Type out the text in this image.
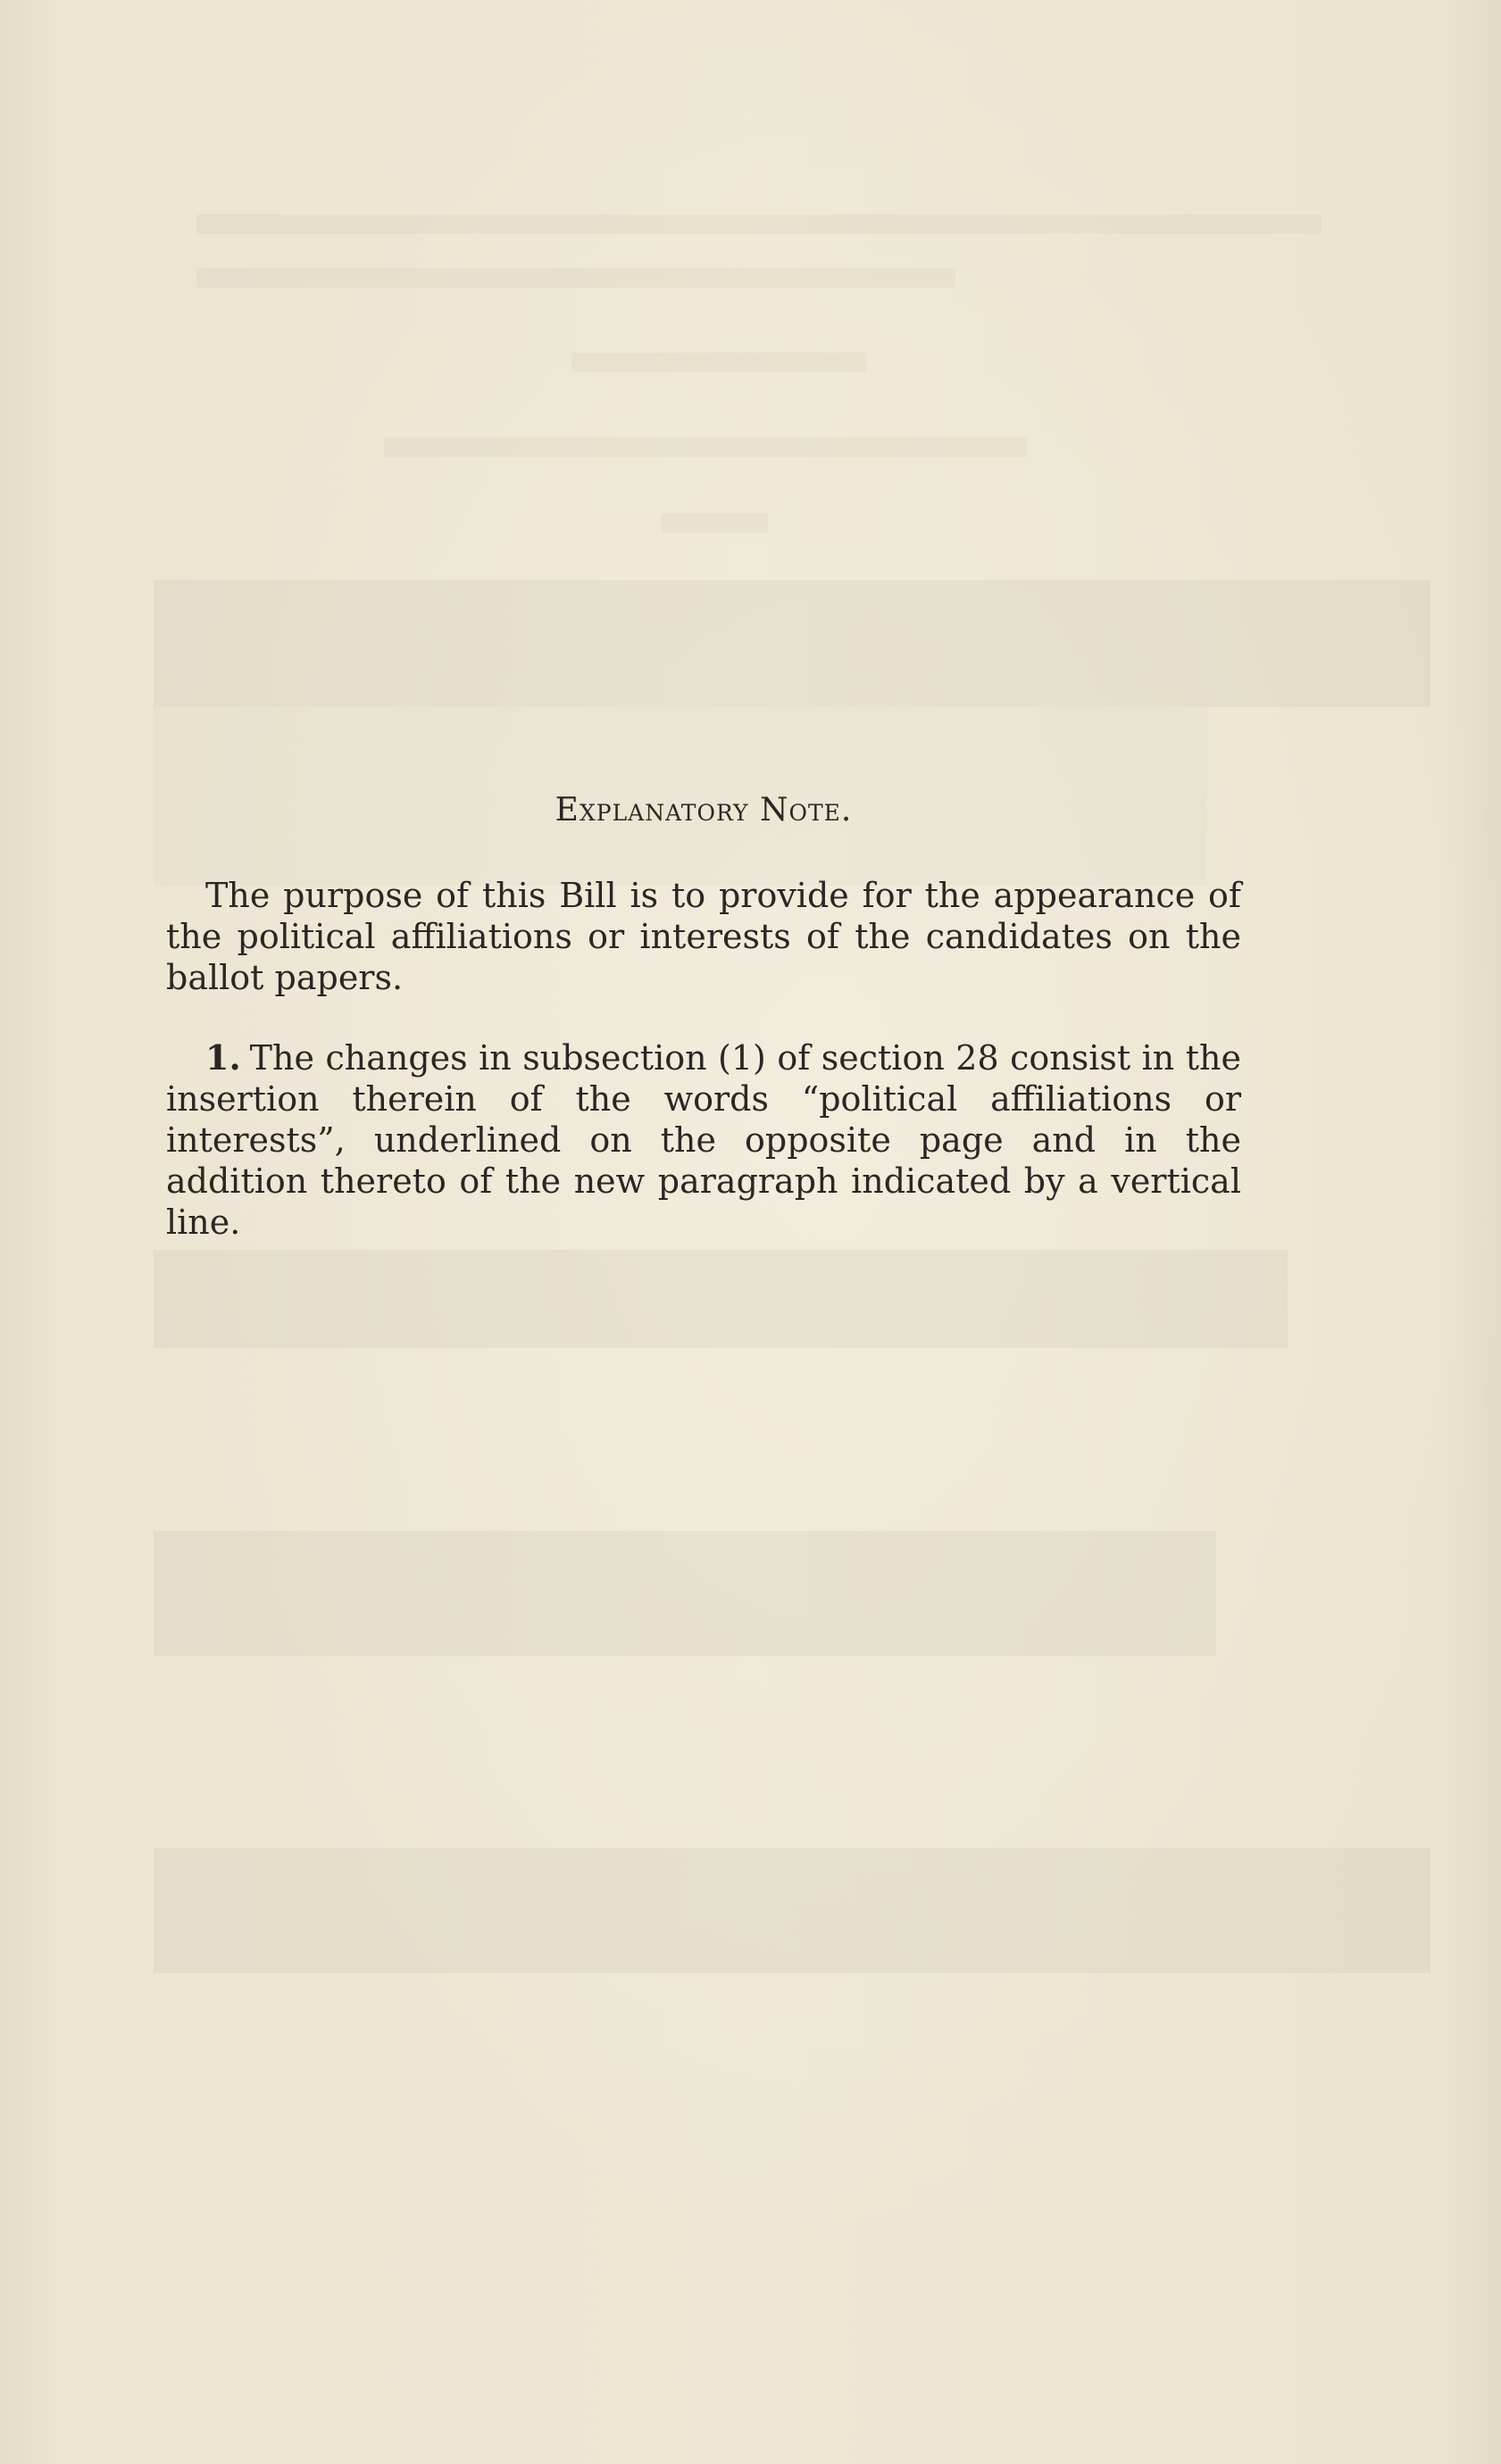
Explanatory Note.

The purpose of this Bill is to provide for the appearance of the political affiliations or interests of the candidates on the ballot papers.

1. The changes in subsection (1) of section 28 consist in the insertion therein of the words “political affiliations or interests”, underlined on the opposite page and in the addition thereto of the new paragraph indicated by a vertical line.
